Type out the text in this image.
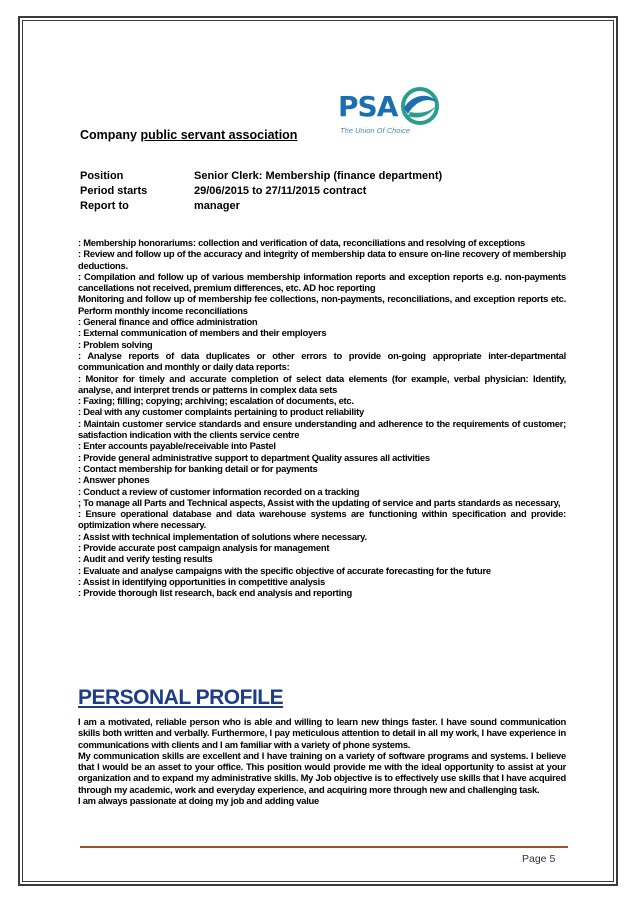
PSA
The Union Of Choice
Company public servant association
Position	Senior Clerk: Membership (finance department)
Period starts	29/06/2015 to 27/11/2015 contract
Report to	manager

: Membership honorariums: collection and verification of data, reconciliations and resolving of exceptions

: Review and follow up of the accuracy and integrity of membership data to ensure on-line recovery of membership deductions.

: Compilation and follow up of various membership information reports and exception reports e.g. non-payments cancellations not received, premium differences, etc. AD hoc reporting

Monitoring and follow up of membership fee collections, non-payments, reconciliations, and exception reports etc. Perform monthly income reconciliations

: General finance and office administration

: External communication of members and their employers

: Problem solving

: Analyse reports of data duplicates or other errors to provide on-going appropriate inter-departmental communication and monthly or daily data reports:

: Monitor for timely and accurate completion of select data elements (for example, verbal physician: Identify, analyse, and interpret trends or patterns in complex data sets

: Faxing; filling; copying; archiving; escalation of documents, etc.

: Deal with any customer complaints pertaining to product reliability

: Maintain customer service standards and ensure understanding and adherence to the requirements of customer; satisfaction indication with the clients service centre

: Enter accounts payable/receivable into Pastel

: Provide general administrative support to department Quality assures all activities

: Contact membership for banking detail or for payments

: Answer phones

: Conduct a review of customer information recorded on a tracking

; To manage all Parts and Technical aspects, Assist with the updating of service and parts standards as necessary,

: Ensure operational database and data warehouse systems are functioning within specification and provide: optimization where necessary.

: Assist with technical implementation of solutions where necessary.

: Provide accurate post campaign analysis for management

: Audit and verify testing results

: Evaluate and analyse campaigns with the specific objective of accurate forecasting for the future

: Assist in identifying opportunities in competitive analysis

: Provide thorough list research, back end analysis and reporting

PERSONAL PROFILE

I am a motivated, reliable person who is able and willing to learn new things faster. I have sound communication skills both written and verbally. Furthermore, I pay meticulous attention to detail in all my work, I have experience in communications with clients and I am familiar with a variety of phone systems.

My communication skills are excellent and I have training on a variety of software programs and systems. I believe that I would be an asset to your office. This position would provide me with the ideal opportunity to assist at your organization and to expand my administrative skills. My Job objective is to effectively use skills that I have acquired through my academic, work and everyday experience, and acquiring more through new and challenging task.

I am always passionate at doing my job and adding value

Page 5
